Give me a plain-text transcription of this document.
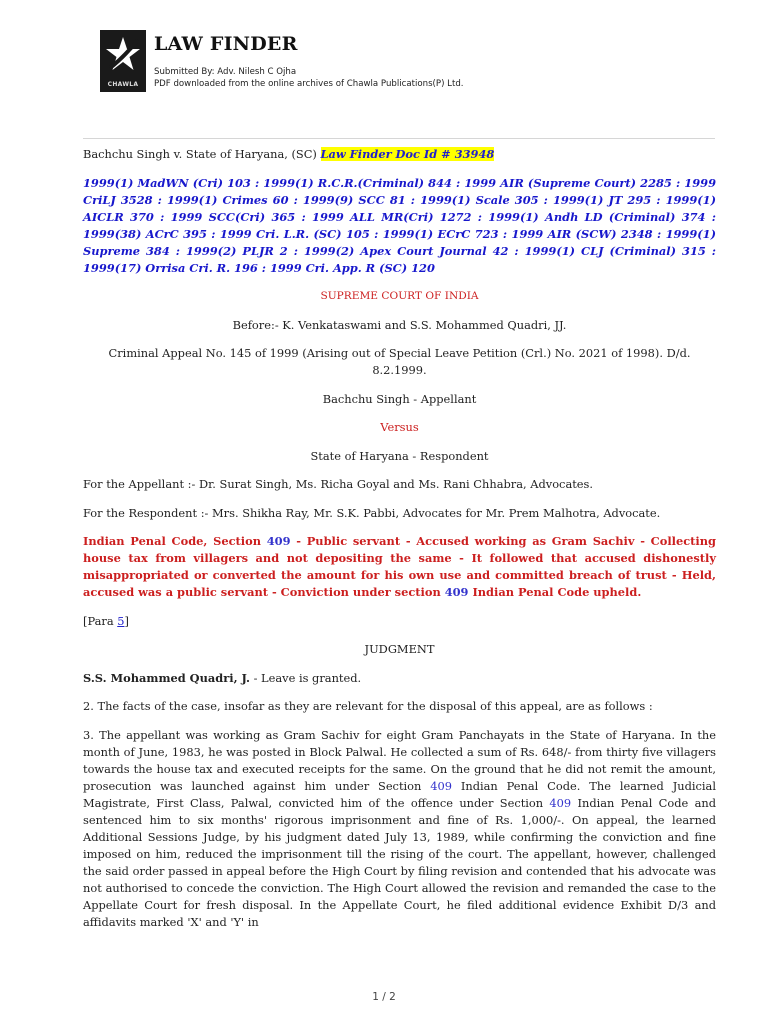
CHAWLA
LAW FINDER
Submitted By: Adv. Nilesh C Ojha
PDF downloaded from the online archives of Chawla Publications(P) Ltd.

Bachchu Singh v. State of Haryana, (SC) Law Finder Doc Id # 33948

1999(1) MadWN (Cri) 103 : 1999(1) R.C.R.(Criminal) 844 : 1999 AIR (Supreme Court) 2285 : 1999 CriLJ 3528 : 1999(1) Crimes 60 : 1999(9) SCC 81 : 1999(1) Scale 305 : 1999(1) JT 295 : 1999(1) AICLR 370 : 1999 SCC(Cri) 365 : 1999 ALL MR(Cri) 1272 : 1999(1) Andh LD (Criminal) 374 : 1999(38) ACrC 395 : 1999 Cri. L.R. (SC) 105 : 1999(1) ECrC 723 : 1999 AIR (SCW) 2348 : 1999(1) Supreme 384 : 1999(2) PLJR 2 : 1999(2) Apex Court Journal 42 : 1999(1) CLJ (Criminal) 315 : 1999(17) Orrisa Cri. R. 196 : 1999 Cri. App. R (SC) 120

SUPREME COURT OF INDIA

Before:- K. Venkataswami and S.S. Mohammed Quadri, JJ.

Criminal Appeal No. 145 of 1999 (Arising out of Special Leave Petition (Crl.) No. 2021 of 1998). D/d. 8.2.1999.

Bachchu Singh - Appellant

Versus

State of Haryana - Respondent

For the Appellant :- Dr. Surat Singh, Ms. Richa Goyal and Ms. Rani Chhabra, Advocates.

For the Respondent :- Mrs. Shikha Ray, Mr. S.K. Pabbi, Advocates for Mr. Prem Malhotra, Advocate.

Indian Penal Code, Section 409 - Public servant - Accused working as Gram Sachiv - Collecting house tax from villagers and not depositing the same - It followed that accused dishonestly misappropriated or converted the amount for his own use and committed breach of trust - Held, accused was a public servant - Conviction under section 409 Indian Penal Code upheld.

[Para 5]

JUDGMENT

S.S. Mohammed Quadri, J. - Leave is granted.

2. The facts of the case, insofar as they are relevant for the disposal of this appeal, are as follows :

3. The appellant was working as Gram Sachiv for eight Gram Panchayats in the State of Haryana. In the month of June, 1983, he was posted in Block Palwal. He collected a sum of Rs. 648/- from thirty five villagers towards the house tax and executed receipts for the same. On the ground that he did not remit the amount, prosecution was launched against him under Section 409 Indian Penal Code. The learned Judicial Magistrate, First Class, Palwal, convicted him of the offence under Section 409 Indian Penal Code and sentenced him to six months' rigorous imprisonment and fine of Rs. 1,000/-. On appeal, the learned Additional Sessions Judge, by his judgment dated July 13, 1989, while confirming the conviction and fine imposed on him, reduced the imprisonment till the rising of the court. The appellant, however, challenged the said order passed in appeal before the High Court by filing revision and contended that his advocate was not authorised to concede the conviction. The High Court allowed the revision and remanded the case to the Appellate Court for fresh disposal. In the Appellate Court, he filed additional evidence Exhibit D/3 and affidavits marked 'X' and 'Y' in

1 / 2
